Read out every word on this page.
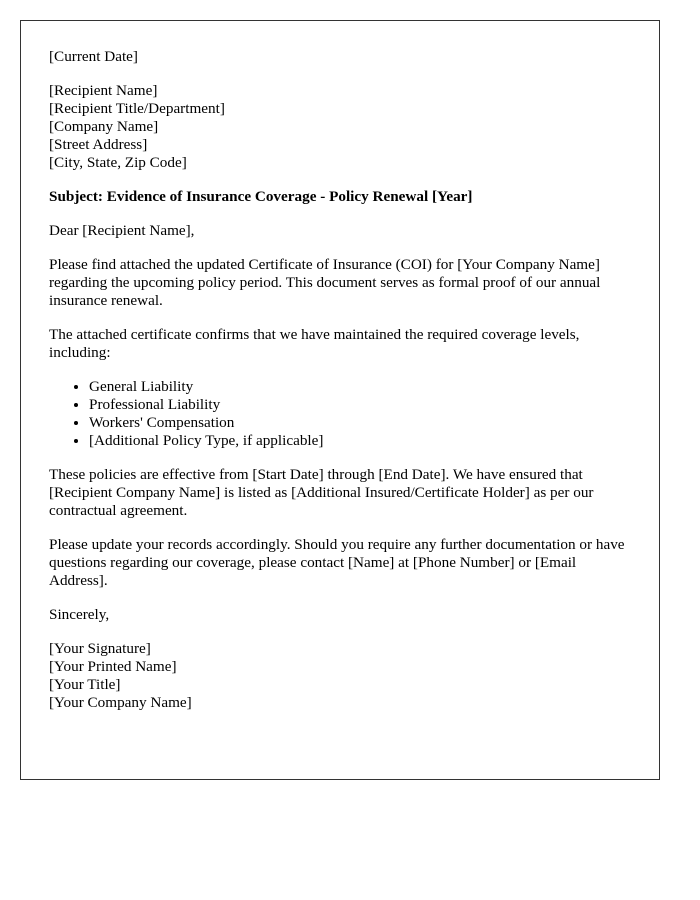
[Current Date]
[Recipient Name]
[Recipient Title/Department]
[Company Name]
[Street Address]
[City, State, Zip Code]
Subject: Evidence of Insurance Coverage - Policy Renewal [Year]

Dear [Recipient Name],

Please find attached the updated Certificate of Insurance (COI) for [Your Company Name] regarding the upcoming policy period. This document serves as formal proof of our annual insurance renewal.

The attached certificate confirms that we have maintained the required coverage levels, including:

• General Liability
• Professional Liability
• Workers' Compensation
• [Additional Policy Type, if applicable]

These policies are effective from [Start Date] through [End Date]. We have ensured that [Recipient Company Name] is listed as [Additional Insured/Certificate Holder] as per our contractual agreement.

Please update your records accordingly. Should you require any further documentation or have questions regarding our coverage, please contact [Name] at [Phone Number] or [Email Address].

Sincerely,

[Your Signature]
[Your Printed Name]
[Your Title]
[Your Company Name]
